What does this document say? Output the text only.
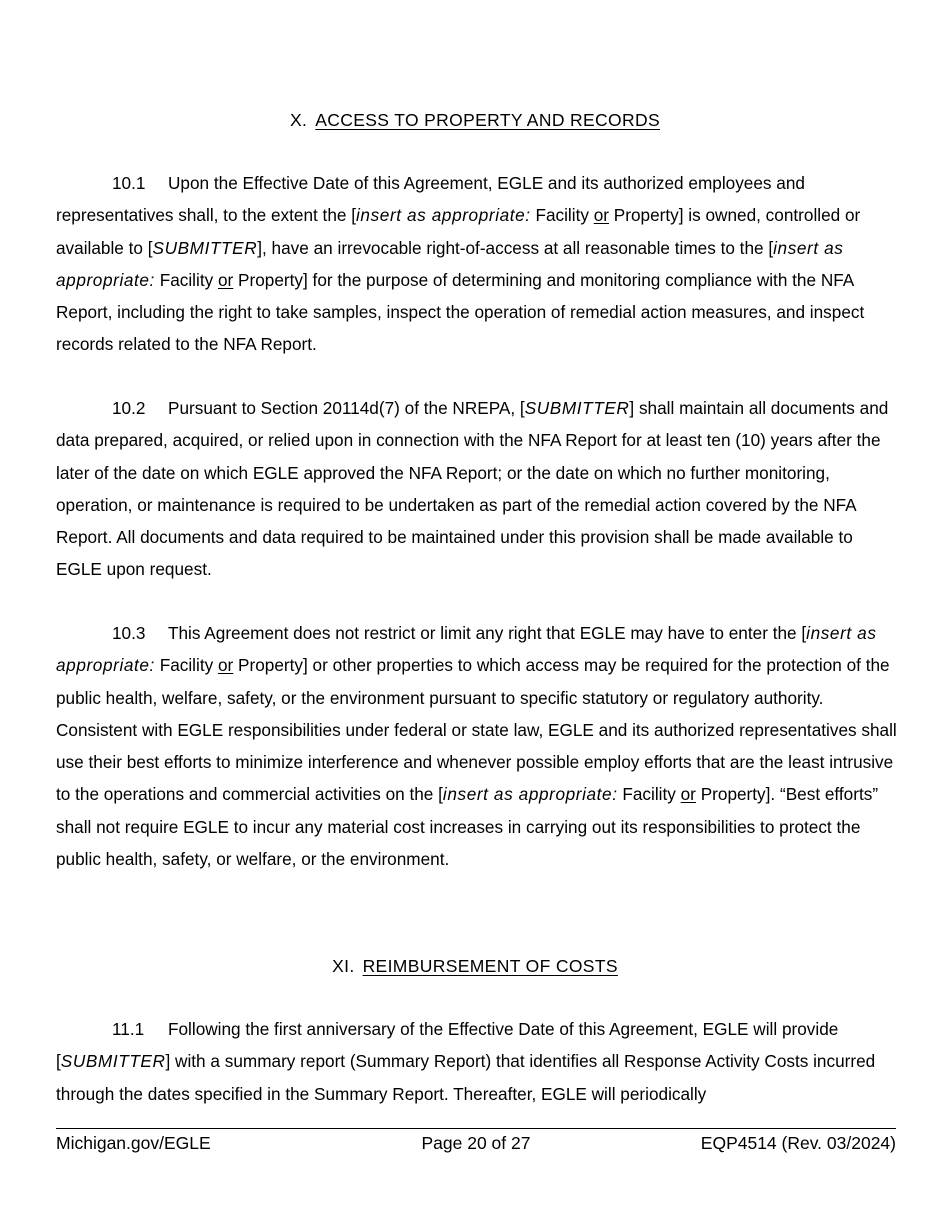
X. ACCESS TO PROPERTY AND RECORDS

10.1 Upon the Effective Date of this Agreement, EGLE and its authorized employees and representatives shall, to the extent the [insert as appropriate: Facility or Property] is owned, controlled or available to [SUBMITTER], have an irrevocable right-of-access at all reasonable times to the [insert as appropriate: Facility or Property] for the purpose of determining and monitoring compliance with the NFA Report, including the right to take samples, inspect the operation of remedial action measures, and inspect records related to the NFA Report.

10.2 Pursuant to Section 20114d(7) of the NREPA, [SUBMITTER] shall maintain all documents and data prepared, acquired, or relied upon in connection with the NFA Report for at least ten (10) years after the later of the date on which EGLE approved the NFA Report; or the date on which no further monitoring, operation, or maintenance is required to be undertaken as part of the remedial action covered by the NFA Report. All documents and data required to be maintained under this provision shall be made available to EGLE upon request.

10.3 This Agreement does not restrict or limit any right that EGLE may have to enter the [insert as appropriate: Facility or Property] or other properties to which access may be required for the protection of the public health, welfare, safety, or the environment pursuant to specific statutory or regulatory authority. Consistent with EGLE responsibilities under federal or state law, EGLE and its authorized representatives shall use their best efforts to minimize interference and whenever possible employ efforts that are the least intrusive to the operations and commercial activities on the [insert as appropriate: Facility or Property]. “Best efforts” shall not require EGLE to incur any material cost increases in carrying out its responsibilities to protect the public health, safety, or welfare, or the environment.

XI. REIMBURSEMENT OF COSTS

11.1 Following the first anniversary of the Effective Date of this Agreement, EGLE will provide [SUBMITTER] with a summary report (Summary Report) that identifies all Response Activity Costs incurred through the dates specified in the Summary Report. Thereafter, EGLE will periodically

Michigan.gov/EGLE	Page 20 of 27	EQP4514 (Rev. 03/2024)
